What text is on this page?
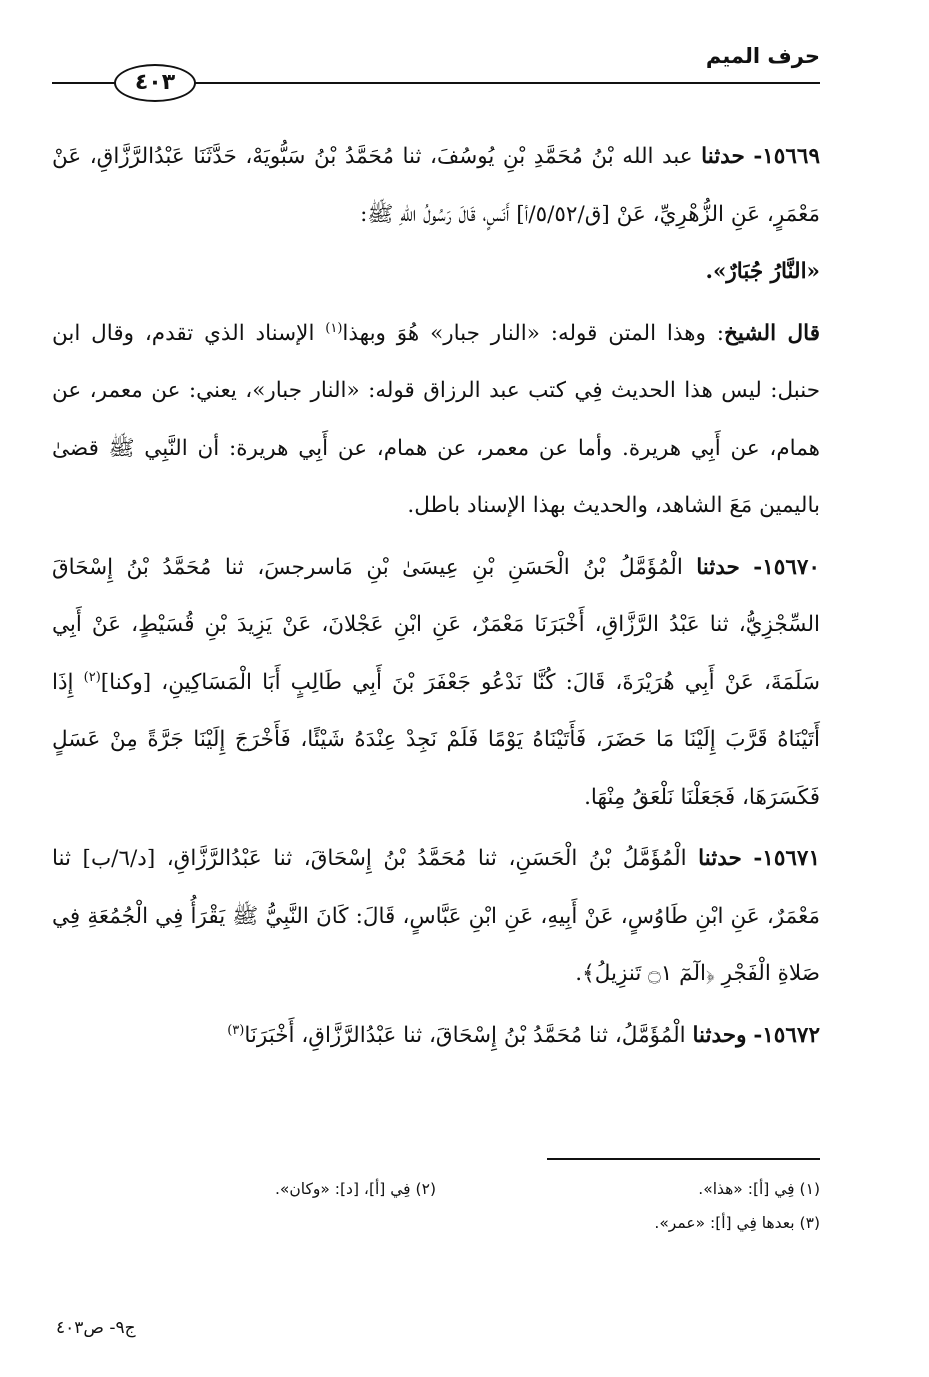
حرف الميم
٤٠٣

١٥٦٦٩- حدثنا عبد الله بْنُ مُحَمَّدِ بْنِ يُوسُفَ، ثنا مُحَمَّدُ بْنُ سَبُّويَهْ، حَدَّثَنَا عَبْدُالرَّزَّاقِ، عَنْ مَعْمَرٍ، عَنِ الزُّهْرِيِّ، عَنْ [ق/٥/٥٢/أ] أَنَسٍ، قَالَ رَسُولُ اللهِ ﷺ:
«النَّارُ جُبَارٌ».

قال الشيخ: وهذا المتن قوله: «النار جبار» هُوَ وبهذا$^{(١)}$ الإسناد الذي تقدم، وقال ابن حنبل: ليس هذا الحديث فِي كتب عبد الرزاق قوله: «النار جبار»، يعني: عن معمر، عن همام، عن أَبِي هريرة. وأما عن معمر، عن همام، عن أَبِي هريرة: أن النَّبِي ﷺ قضىٰ باليمين مَعَ الشاهد، والحديث بهذا الإسناد باطل.

١٥٦٧٠- حدثنا الْمُؤَمَّلُ بْنُ الْحَسَنِ بْنِ عِيسَىٰ بْنِ مَاسرجسَ، ثنا مُحَمَّدُ بْنُ إِسْحَاقَ السِّجْزِيُّ، ثنا عَبْدُ الرَّزَّاقِ، أَخْبَرَنَا مَعْمَرٌ، عَنِ ابْنِ عَجْلانَ، عَنْ يَزِيدَ بْنِ قُسَيْطٍ، عَنْ أَبِي سَلَمَةَ، عَنْ أَبِي هُرَيْرَةَ، قَالَ: كُنَّا نَدْعُو جَعْفَرَ بْنَ أَبِي طَالِبٍ أَبَا الْمَسَاكِينِ، [وكنا]$^{(٢)}$ إِذَا أَتَيْنَاهُ قَرَّبَ إِلَيْنَا مَا حَضَرَ، فَأَتَيْنَاهُ يَوْمًا فَلَمْ نَجِدْ عِنْدَهُ شَيْئًا، فَأَخْرَجَ إِلَيْنَا جَرَّةً مِنْ عَسَلٍ فَكَسَرَهَا، فَجَعَلْنَا نَلْعَقُ مِنْهَا.

١٥٦٧١- حدثنا الْمُؤَمَّلُ بْنُ الْحَسَنِ، ثنا مُحَمَّدُ بْنُ إِسْحَاقَ، ثنا عَبْدُالرَّزَّاقِ، [د/٦/ب] ثنا مَعْمَرٌ، عَنِ ابْنِ طَاوُسٍ، عَنْ أَبِيهِ، عَنِ ابْنِ عَبَّاسٍ، قَالَ: كَانَ النَّبِيُّ ﷺ يَقْرَأُ فِي الْجُمُعَةِ فِي صَلاةِ الْفَجْرِ ﴿الٓمٓ ۝١ تَنزِيلُ﴾.

١٥٦٧٢- وحدثنا الْمُؤَمَّلُ، ثنا مُحَمَّدُ بْنُ إِسْحَاقَ، ثنا عَبْدُالرَّزَّاقِ، أَخْبَرَنَا$^{(٣)}$

(١) فِي [أ]: «هذا».
(٢) فِي [أ]، [د]: «وكان».
(٣) بعدها فِي [أ]: «عمر».
ج٩- ص٤٠٣
